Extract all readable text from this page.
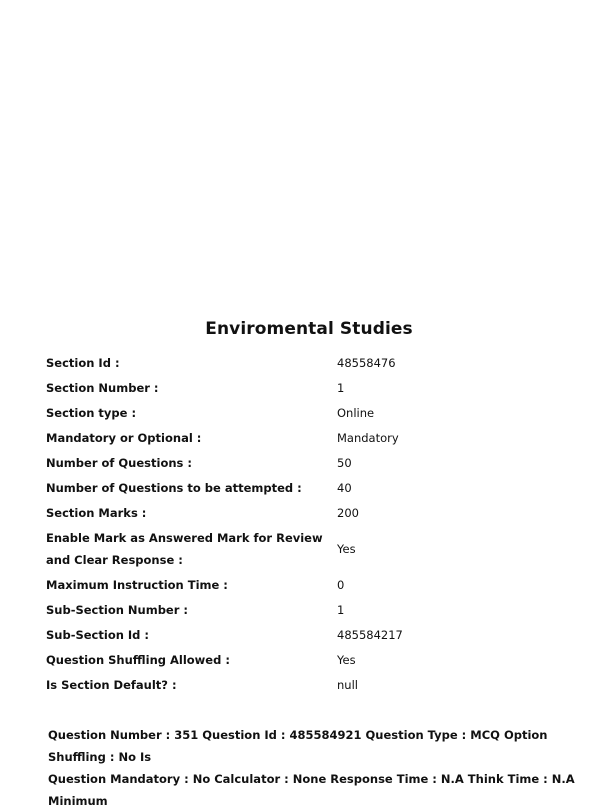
Enviromental Studies
Section Id :	48558476
Section Number :	1
Section type :	Online
Mandatory or Optional :	Mandatory
Number of Questions :	50
Number of Questions to be attempted :	40
Section Marks :	200
Enable Mark as Answered Mark for Review and Clear Response :
Yes
Maximum Instruction Time :	0
Sub-Section Number :	1
Sub-Section Id :	485584217
Question Shuffling Allowed :	Yes
Is Section Default? :	null
Question Number : 351 Question Id : 485584921 Question Type : MCQ Option Shuffling : No Is
Question Mandatory : No Calculator : None Response Time : N.A Think Time : N.A Minimum
